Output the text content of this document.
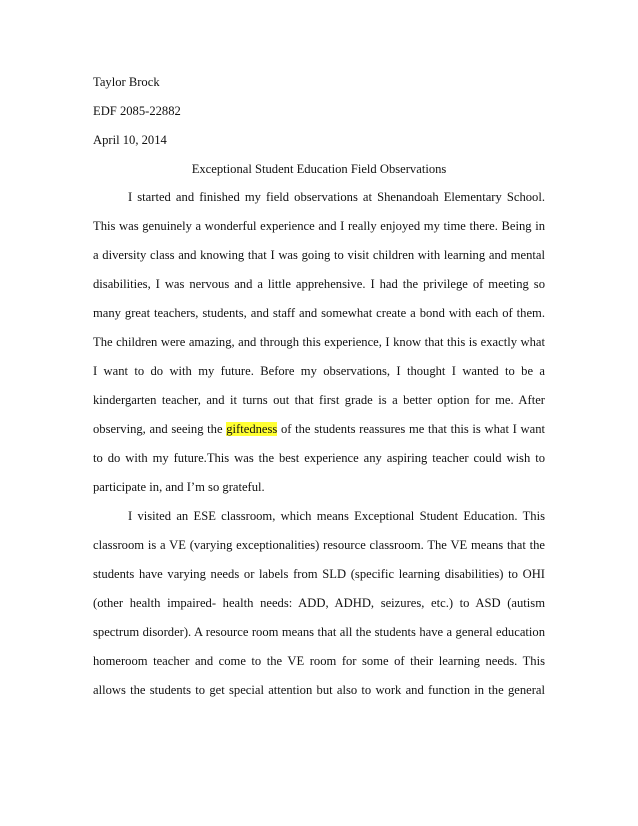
Taylor Brock
EDF 2085-22882
April 10, 2014
Exceptional Student Education Field Observations
I started and finished my field observations at Shenandoah Elementary School.
This was genuinely a wonderful experience and I really enjoyed my time there. Being in
a diversity class and knowing that I was going to visit children with learning and mental
disabilities, I was nervous and a little apprehensive. I had the privilege of meeting so
many great teachers, students, and staff and somewhat create a bond with each of them.
The children were amazing, and through this experience, I know that this is exactly what
I want to do with my future. Before my observations, I thought I wanted to be a
kindergarten teacher, and it turns out that first grade is a better option for me. After
observing, and seeing the giftedness of the students reassures me that this is what I want
to do with my future.This was the best experience any aspiring teacher could wish to
participate in, and I’m so grateful.
I visited an ESE classroom, which means Exceptional Student Education. This
classroom is a VE (varying exceptionalities) resource classroom. The VE means that the
students have varying needs or labels from SLD (specific learning disabilities) to OHI
(other health impaired- health needs: ADD, ADHD, seizures, etc.) to ASD (autism
spectrum disorder). A resource room means that all the students have a general education
homeroom teacher and come to the VE room for some of their learning needs. This
allows the students to get special attention but also to work and function in the general
